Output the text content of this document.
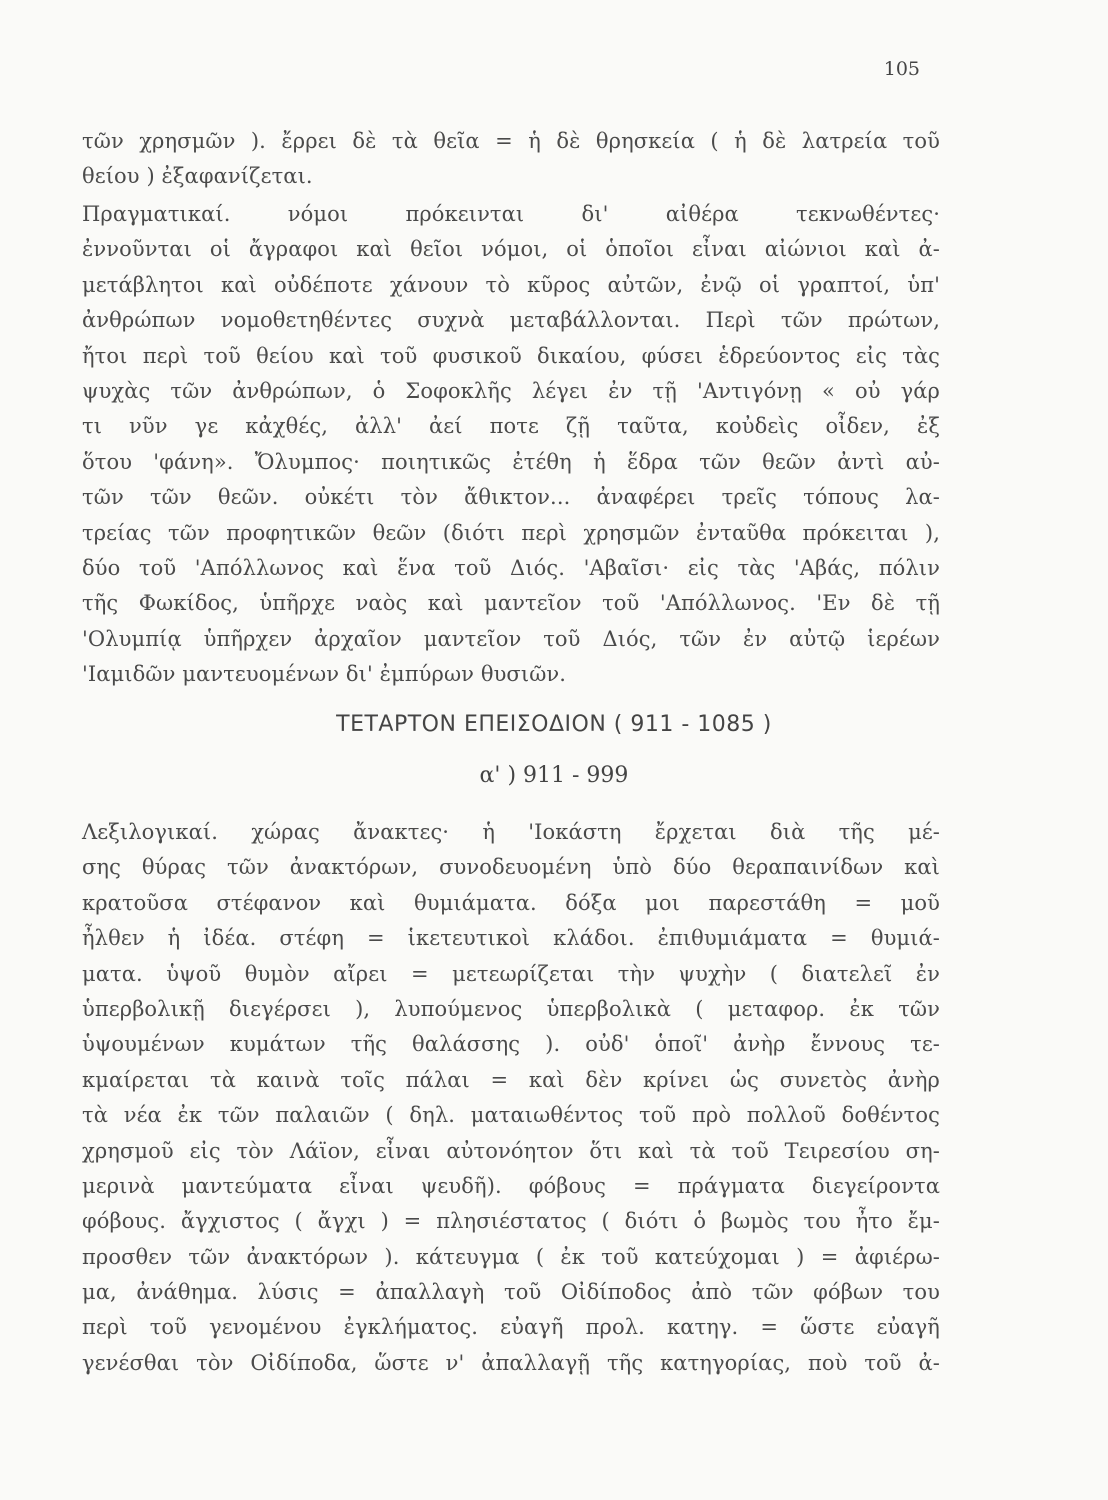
105
τῶν χρησμῶν ). ἔρρει δὲ τὰ θεῖα = ἡ δὲ θρησκεία ( ἡ δὲ λατρεία τοῦ
θείου ) ἐξαφανίζεται.
Πραγματικαί. νόμοι πρόκεινται δι' αἰθέρα τεκνωθέντες·
ἐννοῦνται οἱ ἄγραφοι καὶ θεῖοι νόμοι, οἱ ὁποῖοι εἶναι αἰώνιοι καὶ ἀ-
μετάβλητοι καὶ οὐδέποτε χάνουν τὸ κῦρος αὐτῶν, ἐνῷ οἱ γραπτοί, ὑπ'
ἀνθρώπων νομοθετηθέντες συχνὰ μεταβάλλονται. Περὶ τῶν πρώτων,
ἤτοι περὶ τοῦ θείου καὶ τοῦ φυσικοῦ δικαίου, φύσει ἑδρεύοντος εἰς τὰς
ψυχὰς τῶν ἀνθρώπων, ὁ Σοφοκλῆς λέγει ἐν τῇ 'Αντιγόνῃ « οὐ γάρ
τι νῦν γε κἀχθές, ἀλλ' ἀεί ποτε ζῇ ταῦτα, κοὐδεὶς οἶδεν, ἐξ
ὅτου 'φάνη». Ὄλυμπος· ποιητικῶς ἐτέθη ἡ ἕδρα τῶν θεῶν ἀντὶ αὐ-
τῶν τῶν θεῶν. οὐκέτι τὸν ἄθικτον... ἀναφέρει τρεῖς τόπους λα-
τρείας τῶν προφητικῶν θεῶν (διότι περὶ χρησμῶν ἐνταῦθα πρόκειται ),
δύο τοῦ 'Απόλλωνος καὶ ἕνα τοῦ Διός. 'Αβαῖσι· εἰς τὰς 'Αβάς, πόλιν
τῆς Φωκίδος, ὑπῆρχε ναὸς καὶ μαντεῖον τοῦ 'Απόλλωνος. 'Εν δὲ τῇ
'Ολυμπίᾳ ὑπῆρχεν ἀρχαῖον μαντεῖον τοῦ Διός, τῶν ἐν αὐτῷ ἱερέων
'Ιαμιδῶν μαντευομένων δι' ἐμπύρων θυσιῶν.
ΤΕΤΑΡΤΟΝ ΕΠΕΙΣΟΔΙΟΝ ( 911 - 1085 )
α' ) 911 - 999
Λεξιλογικαί. χώρας ἄνακτες· ἡ 'Ιοκάστη ἔρχεται διὰ τῆς μέ-
σης θύρας τῶν ἀνακτόρων, συνοδευομένη ὑπὸ δύο θεραπαινίδων καὶ
κρατοῦσα στέφανον καὶ θυμιάματα. δόξα μοι παρεστάθη = μοῦ
ἦλθεν ἡ ἰδέα. στέφη = ἱκετευτικοὶ κλάδοι. ἐπιθυμιάματα = θυμιά-
ματα. ὑψοῦ θυμὸν αἴρει = μετεωρίζεται τὴν ψυχὴν ( διατελεῖ ἐν
ὑπερβολικῇ διεγέρσει ), λυπούμενος ὑπερβολικὰ ( μεταφορ. ἐκ τῶν
ὑψουμένων κυμάτων τῆς θαλάσσης ). οὐδ' ὁποῖ' ἀνὴρ ἔννους τε-
κμαίρεται τὰ καινὰ τοῖς πάλαι = καὶ δὲν κρίνει ὡς συνετὸς ἀνὴρ
τὰ νέα ἐκ τῶν παλαιῶν ( δηλ. ματαιωθέντος τοῦ πρὸ πολλοῦ δοθέντος
χρησμοῦ εἰς τὸν Λάϊον, εἶναι αὐτονόητον ὅτι καὶ τὰ τοῦ Τειρεσίου ση-
μερινὰ μαντεύματα εἶναι ψευδῆ). φόβους = πράγματα διεγείροντα
φόβους. ἄγχιστος ( ἄγχι ) = πλησιέστατος ( διότι ὁ βωμὸς του ἦτο ἔμ-
προσθεν τῶν ἀνακτόρων ). κάτευγμα ( ἐκ τοῦ κατεύχομαι ) = ἀφιέρω-
μα, ἀνάθημα. λύσις = ἀπαλλαγὴ τοῦ Οἰδίποδος ἀπὸ τῶν φόβων του
περὶ τοῦ γενομένου ἐγκλήματος. εὐαγῆ προλ. κατηγ. = ὥστε εὐαγῆ
γενέσθαι τὸν Οἰδίποδα, ὥστε ν' ἀπαλλαγῇ τῆς κατηγορίας, ποὺ τοῦ ἀ-
